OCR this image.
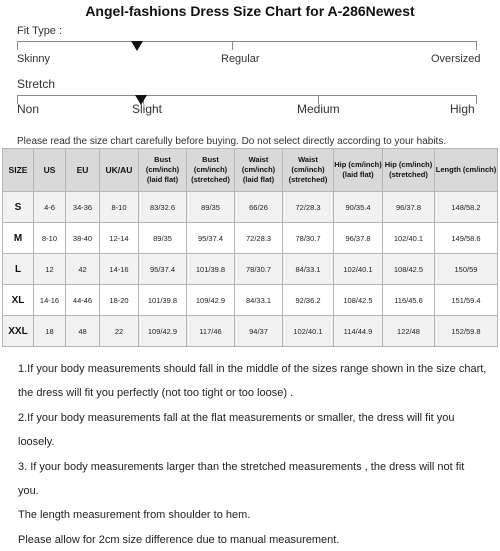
Angel-fashions Dress Size Chart for A-286Newest
Fit Type :
Skinny	Regular	Oversized
Stretch
Non	Slight	Medium	High
Please read the size chart carefully before buying. Do not select directly according to your habits.
SIZE	US	EU	UK/AU	Bust (cm/inch) (laid flat)	Bust (cm/inch) (stretched)	Waist (cm/inch) (laid flat)	Waist (cm/inch) (stretched)	Hip (cm/inch) (laid flat)	Hip (cm/inch) (stretched)	Length (cm/inch)
S	4-6	34-36	8-10	83/32.6	89/35	66/26	72/28.3	90/35.4	96/37.8	148/58.2
M	8-10	38-40	12-14	89/35	95/37.4	72/28.3	78/30.7	96/37.8	102/40.1	149/58.6
L	12	42	14-16	95/37.4	101/39.8	78/30.7	84/33.1	102/40.1	108/42.5	150/59
XL	14-16	44-46	18-20	101/39.8	109/42.9	84/33.1	92/36.2	108/42.5	116/45.6	151/59.4
XXL	18	48	22	109/42.9	117/46	94/37	102/40.1	114/44.9	122/48	152/59.8

1.If your body measurements should fall in the middle of the sizes range shown in the size chart, the dress will fit you perfectly (not too tight or too loose) .

2.If your body measurements fall at the flat measurements or smaller, the dress will fit you loosely.

3. If your body measurements larger than the stretched measurements , the dress will not fit you.

The length measurement from shoulder to hem.

Please allow for 2cm size difference due to manual measurement.
